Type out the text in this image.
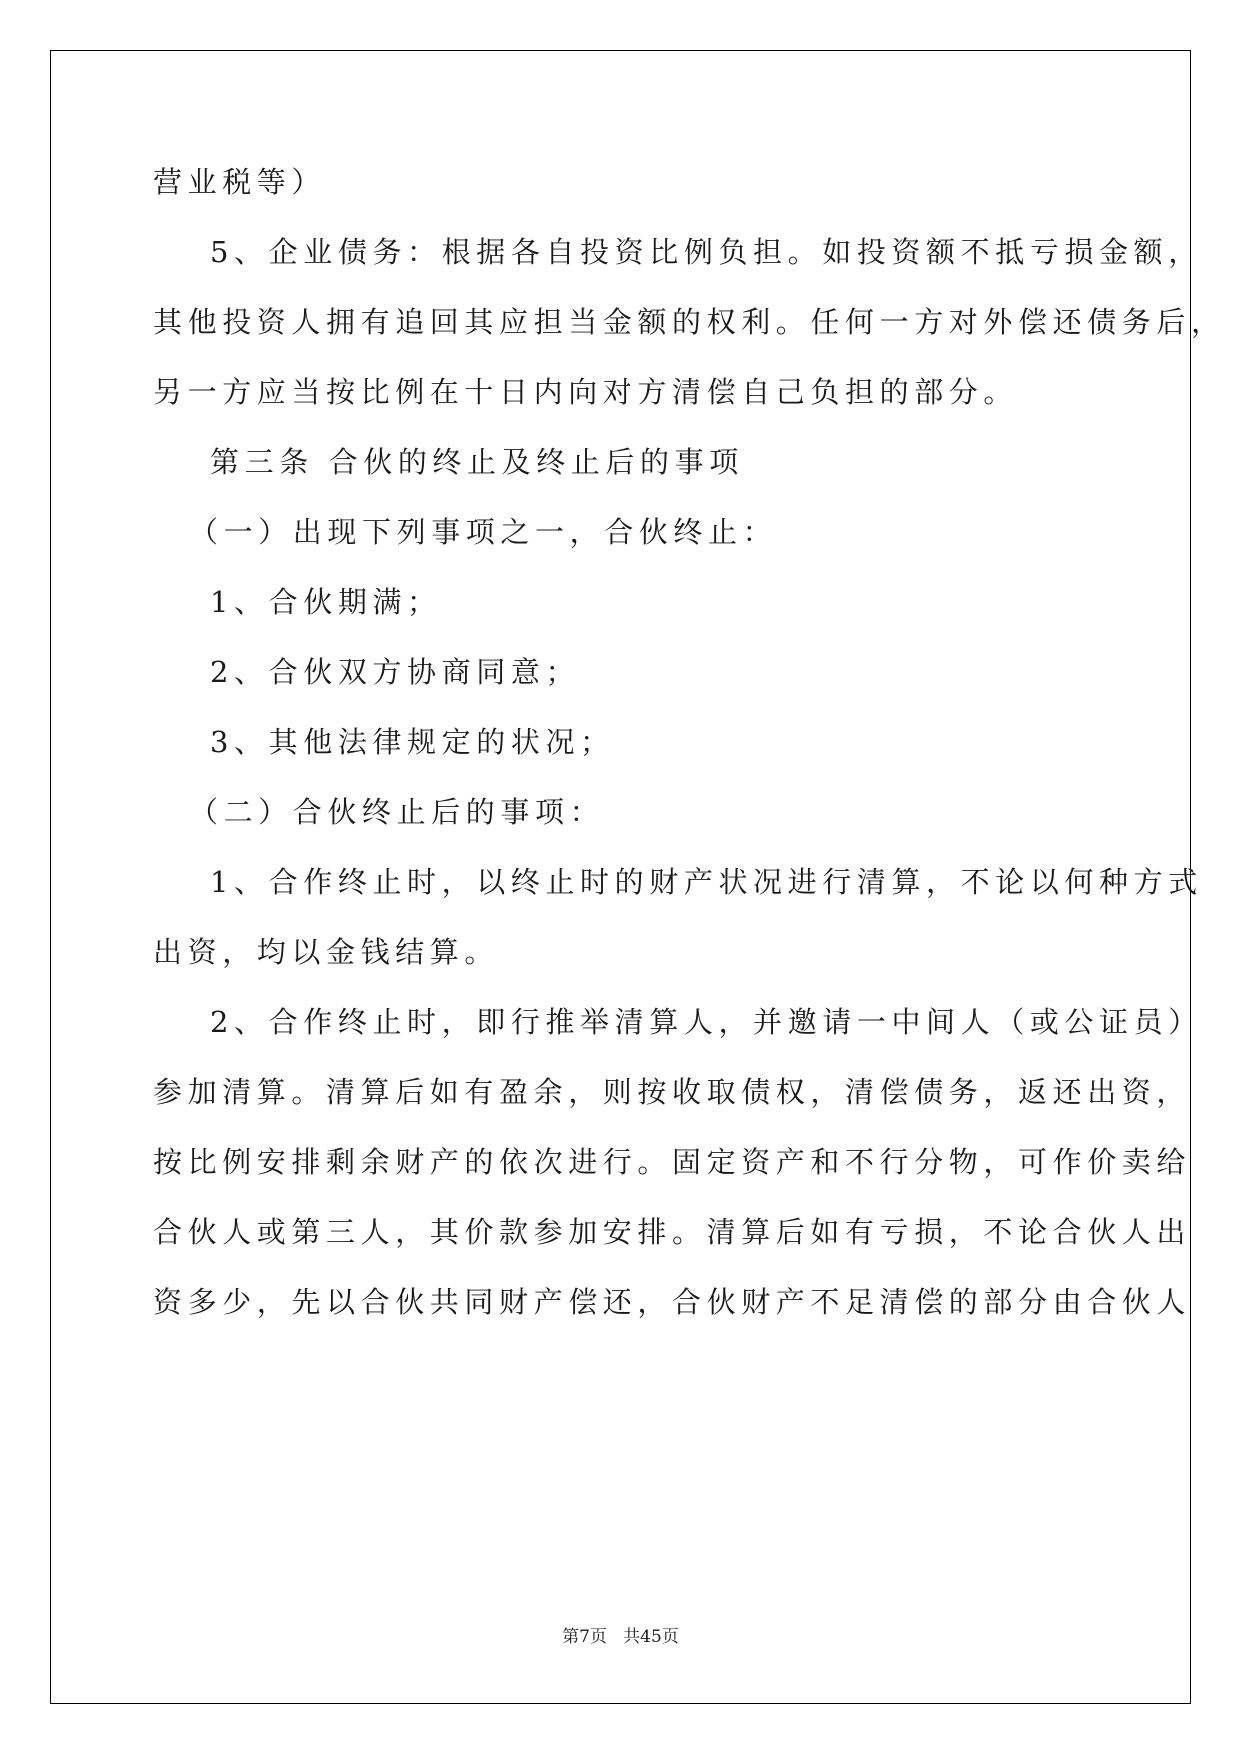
营业税等）
5、企业债务：根据各自投资比例负担。如投资额不抵亏损金额，
其他投资人拥有追回其应担当金额的权利。任何一方对外偿还债务后，
另一方应当按比例在十日内向对方清偿自己负担的部分。
第三条 合伙的终止及终止后的事项
（一）出现下列事项之一，合伙终止：
1、合伙期满；
2、合伙双方协商同意；
3、其他法律规定的状况；
（二）合伙终止后的事项：
1、合作终止时，以终止时的财产状况进行清算，不论以何种方式
出资，均以金钱结算。
2、合作终止时，即行推举清算人，并邀请一中间人（或公证员）
参加清算。清算后如有盈余，则按收取债权，清偿债务，返还出资，
按比例安排剩余财产的依次进行。固定资产和不行分物，可作价卖给
合伙人或第三人，其价款参加安排。清算后如有亏损，不论合伙人出
资多少，先以合伙共同财产偿还，合伙财产不足清偿的部分由合伙人
第7页   共45页
